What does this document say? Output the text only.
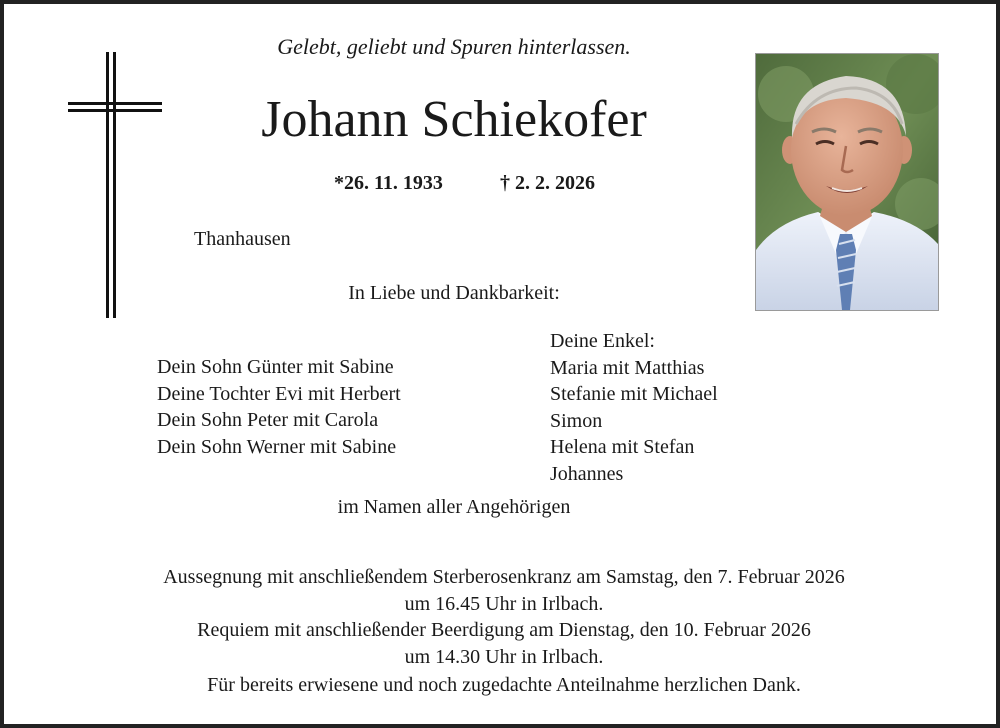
Gelebt, geliebt und Spuren hinterlassen.
Johann Schiekofer
*26. 11. 1933	† 2. 2. 2026
Thanhausen
In Liebe und Dankbarkeit:
Dein Sohn Günter mit Sabine
Deine Tochter Evi mit Herbert
Dein Sohn Peter mit Carola
Dein Sohn Werner mit Sabine
Deine Enkel:
Maria mit Matthias
Stefanie mit Michael
Simon
Helena mit Stefan
Johannes
im Namen aller Angehörigen
Aussegnung mit anschließendem Sterberosenkranz am Samstag, den 7. Februar 2026
um 16.45 Uhr in Irlbach.
Requiem mit anschließender Beerdigung am Dienstag, den 10. Februar 2026
um 14.30 Uhr in Irlbach.
Für bereits erwiesene und noch zugedachte Anteilnahme herzlichen Dank.
